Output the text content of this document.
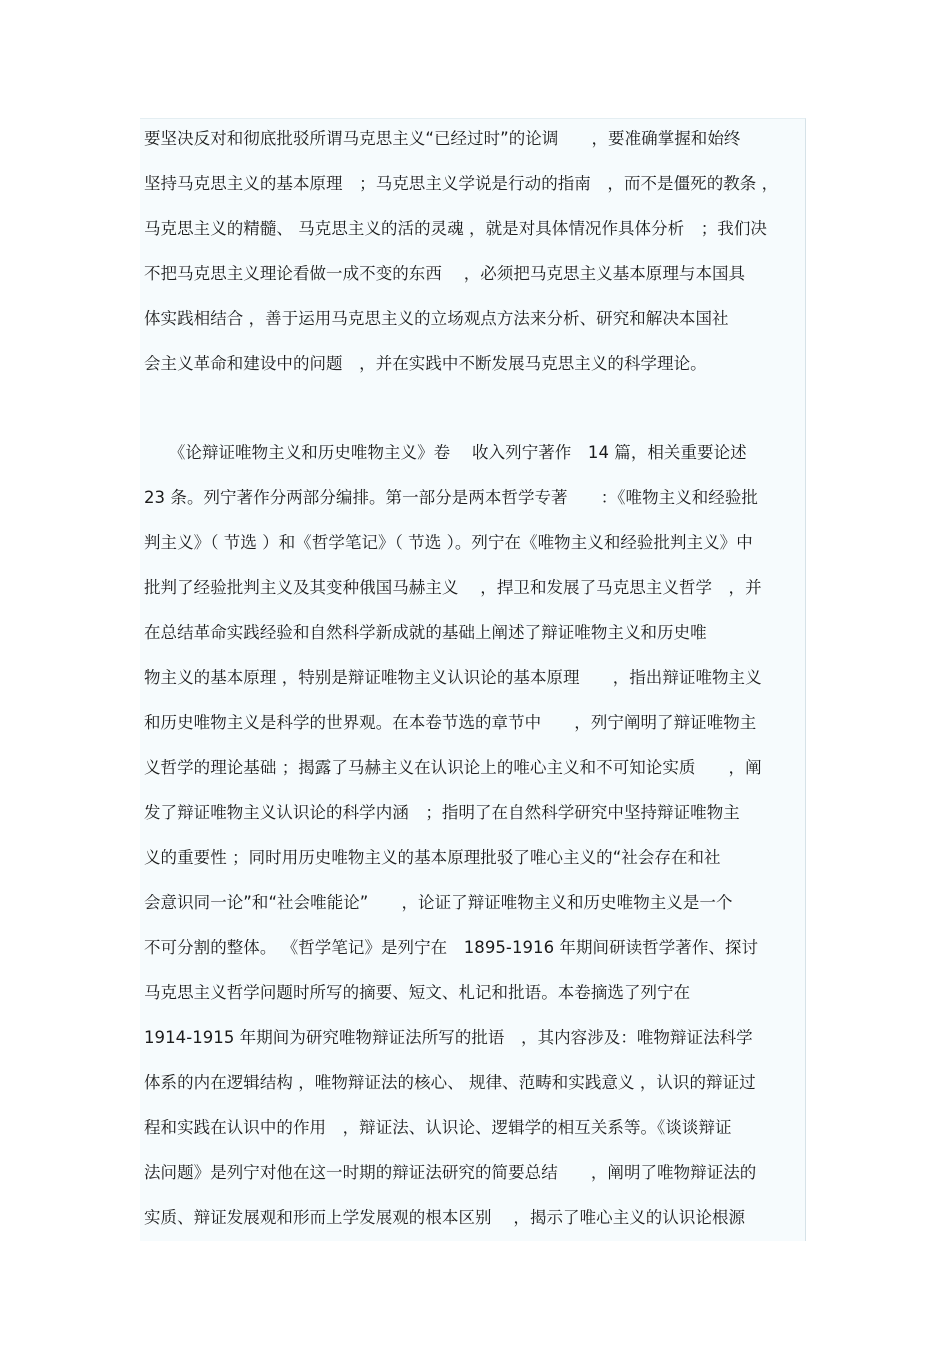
要坚决反对和彻底批驳所谓马克思主义“已经过时”的论调　　，要准确掌握和始终
坚持马克思主义的基本原理　；马克思主义学说是行动的指南　，而不是僵死的教条 ，
马克思主义的精髓、 马克思主义的活的灵魂 ，就是对具体情况作具体分析　；我们决
不把马克思主义理论看做一成不变的东西　 ，必须把马克思主义基本原理与本国具
体实践相结合 ，善于运用马克思主义的立场观点方法来分析、研究和解决本国社
会主义革命和建设中的问题　，并在实践中不断发展马克思主义的科学理论。
　　《论辩证唯物主义和历史唯物主义》卷　 收入列宁著作　14 篇，相关重要论述
23 条。列宁著作分两部分编排。第一部分是两本哲学专著　　：《唯物主义和经验批
判主义》（ 节选 ）和《哲学笔记》（ 节选 ）。列宁在《唯物主义和经验批判主义》中
批判了经验批判主义及其变种俄国马赫主义　 ，捍卫和发展了马克思主义哲学　，并
在总结革命实践经验和自然科学新成就的基础上阐述了辩证唯物主义和历史唯
物主义的基本原理 ，特别是辩证唯物主义认识论的基本原理　　，指出辩证唯物主义
和历史唯物主义是科学的世界观。在本卷节选的章节中　　，列宁阐明了辩证唯物主
义哲学的理论基础 ；揭露了马赫主义在认识论上的唯心主义和不可知论实质　　，阐
发了辩证唯物主义认识论的科学内涵　；指明了在自然科学研究中坚持辩证唯物主
义的重要性 ；同时用历史唯物主义的基本原理批驳了唯心主义的“社会存在和社
会意识同一论”和“社会唯能论”　　，论证了辩证唯物主义和历史唯物主义是一个
不可分割的整体。 《哲学笔记》是列宁在　1895-1916 年期间研读哲学著作、探讨
马克思主义哲学问题时所写的摘要、短文、札记和批语。本卷摘选了列宁在
1914-1915 年期间为研究唯物辩证法所写的批语　，其内容涉及：唯物辩证法科学
体系的内在逻辑结构 ，唯物辩证法的核心、 规律、范畴和实践意义 ，认识的辩证过
程和实践在认识中的作用　，辩证法、认识论、逻辑学的相互关系等。《谈谈辩证
法问题》是列宁对他在这一时期的辩证法研究的简要总结　　，阐明了唯物辩证法的
实质、辩证发展观和形而上学发展观的根本区别　 ，揭示了唯心主义的认识论根源
